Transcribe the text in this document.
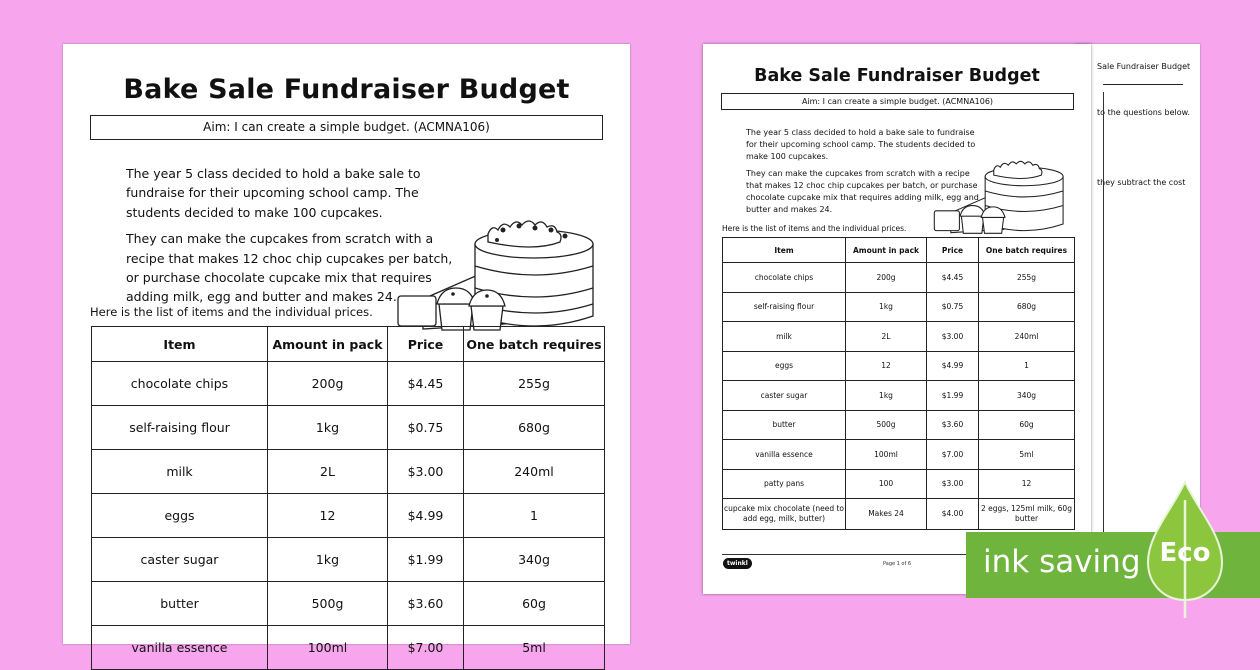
Sale Fundraiser Budget
to the questions below.
they subtract the cost
Bake Sale Fundraiser Budget
Aim: I can create a simple budget. (ACMNA106)

The year 5 class decided to hold a bake sale to fundraise for their upcoming school camp. The students decided to make 100 cupcakes.

They can make the cupcakes from scratch with a recipe that makes 12 choc chip cupcakes per batch, or purchase chocolate cupcake mix that requires adding milk, egg and butter and makes 24.

Here is the list of items and the individual prices.
Item	Amount in pack	Price	One batch requires
chocolate chips	200g	$4.45	255g
self-raising flour	1kg	$0.75	680g
milk	2L	$3.00	240ml
eggs	12	$4.99	1
caster sugar	1kg	$1.99	340g
butter	500g	$3.60	60g
vanilla essence	100ml	$7.00	5ml
Bake Sale Fundraiser Budget
Aim: I can create a simple budget. (ACMNA106)

The year 5 class decided to hold a bake sale to fundraise for their upcoming school camp. The students decided to make 100 cupcakes.

They can make the cupcakes from scratch with a recipe that makes 12 choc chip cupcakes per batch, or purchase chocolate cupcake mix that requires adding milk, egg and butter and makes 24.

Here is the list of items and the individual prices.
Item	Amount in pack	Price	One batch requires
chocolate chips	200g	$4.45	255g
self-raising flour	1kg	$0.75	680g
milk	2L	$3.00	240ml
eggs	12	$4.99	1
caster sugar	1kg	$1.99	340g
butter	500g	$3.60	60g
vanilla essence	100ml	$7.00	5ml
patty pans	100	$3.00	12
cupcake mix chocolate (need to add egg, milk, butter)	Makes 24	$4.00	2 eggs, 125ml milk, 60g butter
twinkl	Page 1 of 6	ink saving Eco
